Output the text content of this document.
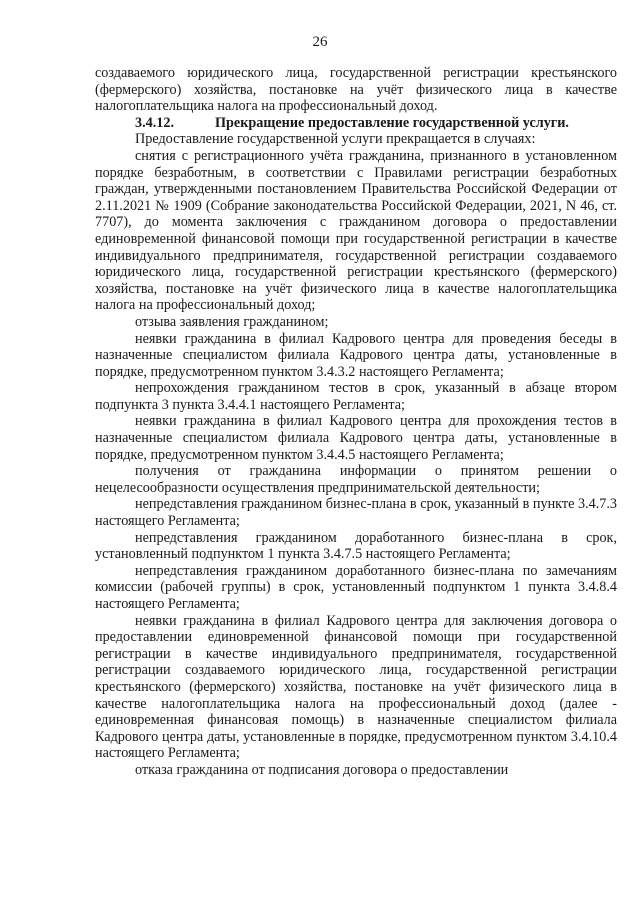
26

создаваемого юридического лица, государственной регистрации крестьянского (фермерского) хозяйства, постановке на учёт физического лица в качестве налогоплательщика налога на профессиональный доход.

3.4.12.	Прекращение предоставление государственной услуги.

Предоставление государственной услуги прекращается в случаях:

снятия с регистрационного учёта гражданина, признанного в установленном порядке безработным, в соответствии с Правилами регистрации безработных граждан, утвержденными постановлением Правительства Российской Федерации от 2.11.2021 № 1909 (Собрание законодательства Российской Федерации, 2021, N 46, ст. 7707), до момента заключения с гражданином договора о предоставлении единовременной финансовой помощи при государственной регистрации в качестве индивидуального предпринимателя, государственной регистрации создаваемого юридического лица, государственной регистрации крестьянского (фермерского) хозяйства, постановке на учёт физического лица в качестве налогоплательщика налога на профессиональный доход;

отзыва заявления гражданином;

неявки гражданина в филиал Кадрового центра для проведения беседы в назначенные специалистом филиала Кадрового центра даты, установленные в порядке, предусмотренном пунктом 3.4.3.2 настоящего Регламента;

непрохождения гражданином тестов в срок, указанный в абзаце втором подпункта 3 пункта 3.4.4.1 настоящего Регламента;

неявки гражданина в филиал Кадрового центра для прохождения тестов в назначенные специалистом филиала Кадрового центра даты, установленные в порядке, предусмотренном пунктом 3.4.4.5 настоящего Регламента;

получения от гражданина информации о принятом решении о нецелесообразности осуществления предпринимательской деятельности;

непредставления гражданином бизнес-плана в срок, указанный в пункте 3.4.7.3 настоящего Регламента;

непредставления гражданином доработанного бизнес-плана в срок, установленный подпунктом 1 пункта 3.4.7.5 настоящего Регламента;

непредставления гражданином доработанного бизнес-плана по замечаниям комиссии (рабочей группы) в срок, установленный подпунктом 1 пункта 3.4.8.4 настоящего Регламента;

неявки гражданина в филиал Кадрового центра для заключения договора о предоставлении единовременной финансовой помощи при государственной регистрации в качестве индивидуального предпринимателя, государственной регистрации создаваемого юридического лица, государственной регистрации крестьянского (фермерского) хозяйства, постановке на учёт физического лица в качестве налогоплательщика налога на профессиональный доход (далее - единовременная финансовая помощь) в назначенные специалистом филиала Кадрового центра даты, установленные в порядке, предусмотренном пунктом 3.4.10.4 настоящего Регламента;

отказа гражданина от подписания договора о предоставлении
